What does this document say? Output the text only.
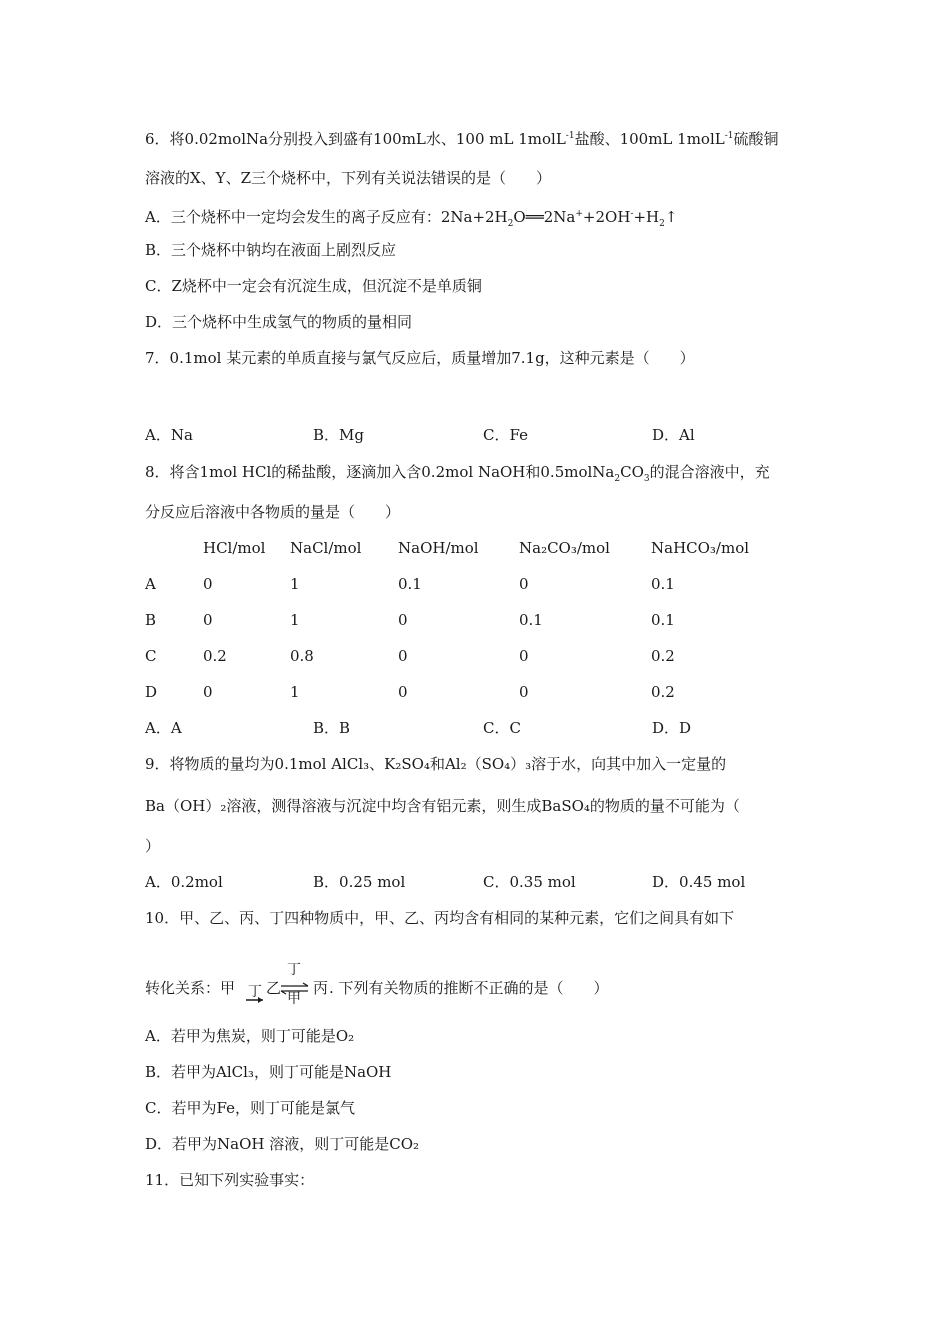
6．将0.02molNa分别投入到盛有100mL水、100 mL 1molL$^{-1}$盐酸、100mL 1molL$^{-1}$硫酸铜
溶液的X、Y、Z三个烧杯中，下列有关说法错误的是（　　）
A．三个烧杯中一定均会发生的离子反应有：$2Na+2H_2O══2Na^++2OH^-+H_2↑$
B．三个烧杯中钠均在液面上剧烈反应
C．Z烧杯中一定会有沉淀生成，但沉淀不是单质铜
D．三个烧杯中生成氢气的物质的量相同
7．0.1mol 某元素的单质直接与氯气反应后，质量增加7.1g，这种元素是（　　）
A．Na	B．Mg	C．Fe	D．Al
8．将含1mol HCl的稀盐酸，逐滴加入含0.2mol NaOH和$0.5molNa_2CO_3$的混合溶液中，充
分反应后溶液中各物质的量是（　　）
HCl/mol NaCl/mol NaOH/mol	Na₂CO₃/mol	NaHCO₃/mol
A	0	1	0.1	0	0.1
B	0	1	0	0.1	0.1
C	0.2	0.8	0	0	0.2
D	0	1	0	0	0.2
A．A	B．B	C．C	D．D
9．将物质的量均为0.1mol AlCl₃、K₂SO₄和Al₂（SO₄）₃溶于水，向其中加入一定量的
Ba（OH）₂溶液，测得溶液与沉淀中均含有铝元素，则生成BaSO₄的物质的量不可能为（
）
A．0.2mol	B．0.25 mol	C．0.35 mol	D．0.45 mol
10．甲、乙、丙、丁四种物质中，甲、乙、丙均含有相同的某种元素，它们之间具有如下
转化关系：甲 丁 乙
丁
甲
丙 . 下列有关物质的推断不正确的是（　　）
A．若甲为焦炭，则丁可能是O₂
B．若甲为AlCl₃，则丁可能是NaOH
C．若甲为Fe，则丁可能是氯气
D．若甲为NaOH 溶液，则丁可能是CO₂
11．已知下列实验事实：
